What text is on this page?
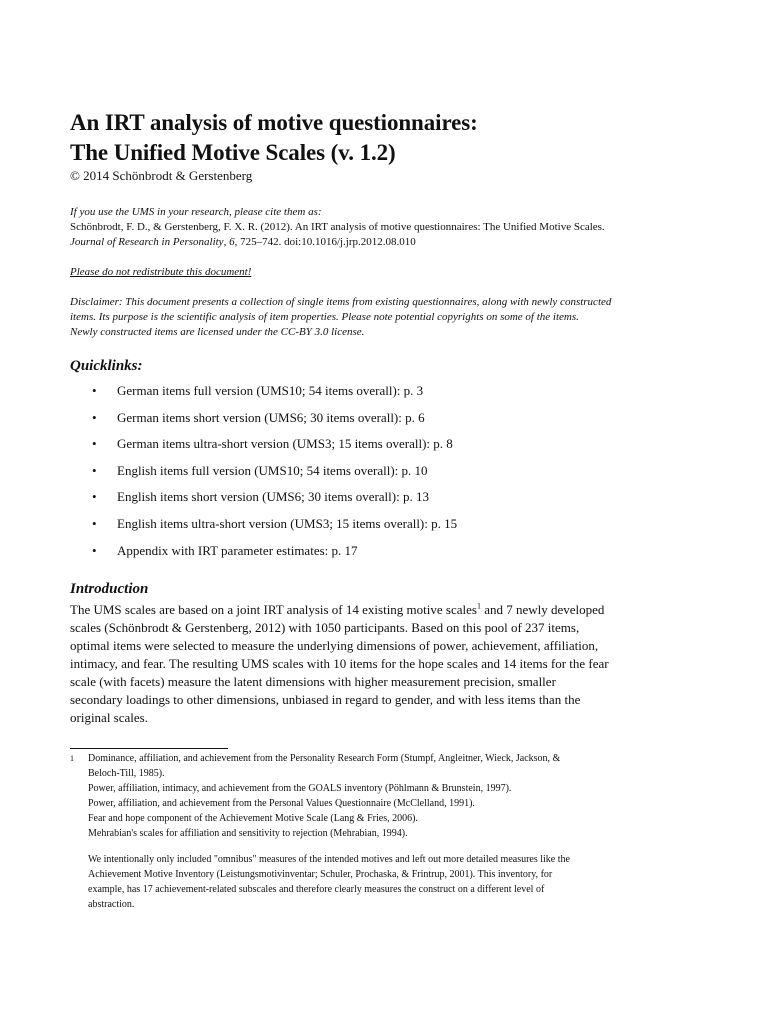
An IRT analysis of motive questionnaires:
The Unified Motive Scales (v. 1.2)
© 2014 Schönbrodt & Gerstenberg
If you use the UMS in your research, please cite them as:
Schönbrodt, F. D., & Gerstenberg, F. X. R. (2012). An IRT analysis of motive questionnaires: The Unified Motive Scales.
Journal of Research in Personality, 6, 725–742. doi:10.1016/j.jrp.2012.08.010
Please do not redistribute this document!
Disclaimer: This document presents a collection of single items from existing questionnaires, along with newly constructed
items. Its purpose is the scientific analysis of item properties. Please note potential copyrights on some of the items.
Newly constructed items are licensed under the CC-BY 3.0 license.
Quicklinks:
• German items full version (UMS10; 54 items overall): p. 3
• German items short version (UMS6; 30 items overall): p. 6
• German items ultra-short version (UMS3; 15 items overall): p. 8
• English items full version (UMS10; 54 items overall): p. 10
• English items short version (UMS6; 30 items overall): p. 13
• English items ultra-short version (UMS3; 15 items overall): p. 15
• Appendix with IRT parameter estimates: p. 17
Introduction
The UMS scales are based on a joint IRT analysis of 14 existing motive scales$^1$ and 7 newly developed
scales (Schönbrodt & Gerstenberg, 2012) with 1050 participants. Based on this pool of 237 items,
optimal items were selected to measure the underlying dimensions of power, achievement, affiliation,
intimacy, and fear. The resulting UMS scales with 10 items for the hope scales and 14 items for the fear
scale (with facets) measure the latent dimensions with higher measurement precision, smaller
secondary loadings to other dimensions, unbiased in regard to gender, and with less items than the
original scales.
1 Dominance, affiliation, and achievement from the Personality Research Form (Stumpf, Angleitner, Wieck, Jackson, &
Beloch-Till, 1985).
Power, affiliation, intimacy, and achievement from the GOALS inventory (Pöhlmann & Brunstein, 1997).
Power, affiliation, and achievement from the Personal Values Questionnaire (McClelland, 1991).
Fear and hope component of the Achievement Motive Scale (Lang & Fries, 2006).
Mehrabian's scales for affiliation and sensitivity to rejection (Mehrabian, 1994).
We intentionally only included "omnibus" measures of the intended motives and left out more detailed measures like the
Achievement Motive Inventory (Leistungsmotivinventar; Schuler, Prochaska, & Frintrup, 2001). This inventory, for
example, has 17 achievement-related subscales and therefore clearly measures the construct on a different level of
abstraction.
